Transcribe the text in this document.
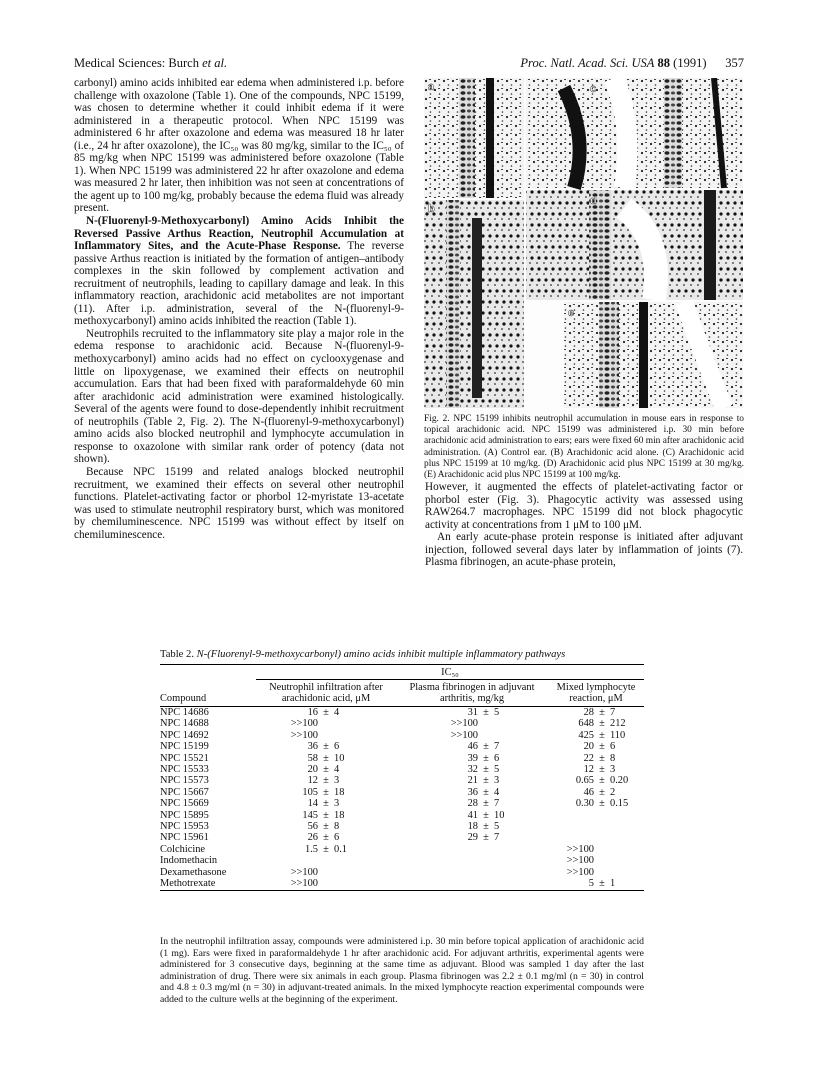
Medical Sciences: Burch et al.	Proc. Natl. Acad. Sci. USA 88 (1991) 357

carbonyl) amino acids inhibited ear edema when administered i.p. before challenge with oxazolone (Table 1). One of the compounds, NPC 15199, was chosen to determine whether it could inhibit edema if it were administered in a therapeutic protocol. When NPC 15199 was administered 6 hr after oxazolone and edema was measured 18 hr later (i.e., 24 hr after oxazolone), the IC₅₀ was 80 mg/kg, similar to the IC₅₀ of 85 mg/kg when NPC 15199 was administered before oxazolone (Table 1). When NPC 15199 was administered 22 hr after oxazolone and edema was measured 2 hr later, then inhibition was not seen at concentrations of the agent up to 100 mg/kg, probably because the edema fluid was already present.

N-(Fluorenyl-9-Methoxycarbonyl) Amino Acids Inhibit the Reversed Passive Arthus Reaction, Neutrophil Accumulation at Inflammatory Sites, and the Acute-Phase Response. The reverse passive Arthus reaction is initiated by the formation of antigen–antibody complexes in the skin followed by complement activation and recruitment of neutrophils, leading to capillary damage and leak. In this inflammatory reaction, arachidonic acid metabolites are not important (11). After i.p. administration, several of the N-(fluorenyl-9-methoxycarbonyl) amino acids inhibited the reaction (Table 1).

Neutrophils recruited to the inflammatory site play a major role in the edema response to arachidonic acid. Because N-(fluorenyl-9-methoxycarbonyl) amino acids had no effect on cyclooxygenase and little on lipoxygenase, we examined their effects on neutrophil accumulation. Ears that had been fixed with paraformaldehyde 60 min after arachidonic acid administration were examined histologically. Several of the agents were found to dose-dependently inhibit recruitment of neutrophils (Table 2, Fig. 2). The N-(fluorenyl-9-methoxycarbonyl) amino acids also blocked neutrophil and lymphocyte accumulation in response to oxazolone with similar rank order of potency (data not shown).

Because NPC 15199 and related analogs blocked neutrophil recruitment, we examined their effects on several other neutrophil functions. Platelet-activating factor or phorbol 12-myristate 13-acetate was used to stimulate neutrophil respiratory burst, which was monitored by chemiluminescence. NPC 15199 was without effect by itself on chemiluminescence.

a
b
c
d
e
Fig. 2. NPC 15199 inhibits neutrophil accumulation in mouse ears in response to topical arachidonic acid. NPC 15199 was administered i.p. 30 min before arachidonic acid administration to ears; ears were fixed 60 min after arachidonic acid administration. (A) Control ear. (B) Arachidonic acid alone. (C) Arachidonic acid plus NPC 15199 at 10 mg/kg. (D) Arachidonic acid plus NPC 15199 at 30 mg/kg. (E) Arachidonic acid plus NPC 15199 at 100 mg/kg.

However, it augmented the effects of platelet-activating factor or phorbol ester (Fig. 3). Phagocytic activity was assessed using RAW264.7 macrophages. NPC 15199 did not block phagocytic activity at concentrations from 1 μM to 100 μM.

An early acute-phase protein response is initiated after adjuvant injection, followed several days later by inflammation of joints (7). Plasma fibrinogen, an acute-phase protein,

Table 2. N-(Fluorenyl-9-methoxycarbonyl) amino acids inhibit multiple inflammatory pathways
	IC₅₀		
Compound	Neutrophil infiltration after arachidonic acid, μM	Plasma fibrinogen in adjuvant arthritis, mg/kg	Mixed lymphocyte reaction, μM
NPC 14686	16 ± 4	31 ± 5	28 ± 7
NPC 14688	>>100	>>100	648 ± 212
NPC 14692	>>100	>>100	425 ± 110
NPC 15199	36 ± 6	46 ± 7	20 ± 6
NPC 15521	58 ± 10	39 ± 6	22 ± 8
NPC 15533	20 ± 4	32 ± 5	12 ± 3
NPC 15573	12 ± 3	21 ± 3	0.65 ± 0.20
NPC 15667	105 ± 18	36 ± 4	46 ± 2
NPC 15669	14 ± 3	28 ± 7	0.30 ± 0.15
NPC 15895	145 ± 18	41 ± 10	
NPC 15953	56 ± 8	18 ± 5	
NPC 15961	26 ± 6	29 ± 7	
Colchicine	1.5 ± 0.1		>>100
Indomethacin			>>100
Dexamethasone	>>100		>>100
Methotrexate	>>100		5 ± 1
In the neutrophil infiltration assay, compounds were administered i.p. 30 min before topical application of arachidonic acid (1 mg). Ears were fixed in paraformaldehyde 1 hr after arachidonic acid. For adjuvant arthritis, experimental agents were administered for 3 consecutive days, beginning at the same time as adjuvant. Blood was sampled 1 day after the last administration of drug. There were six animals in each group. Plasma fibrinogen was 2.2 ± 0.1 mg/ml (n = 30) in control and 4.8 ± 0.3 mg/ml (n = 30) in adjuvant-treated animals. In the mixed lymphocyte reaction experimental compounds were added to the culture wells at the beginning of the experiment.
